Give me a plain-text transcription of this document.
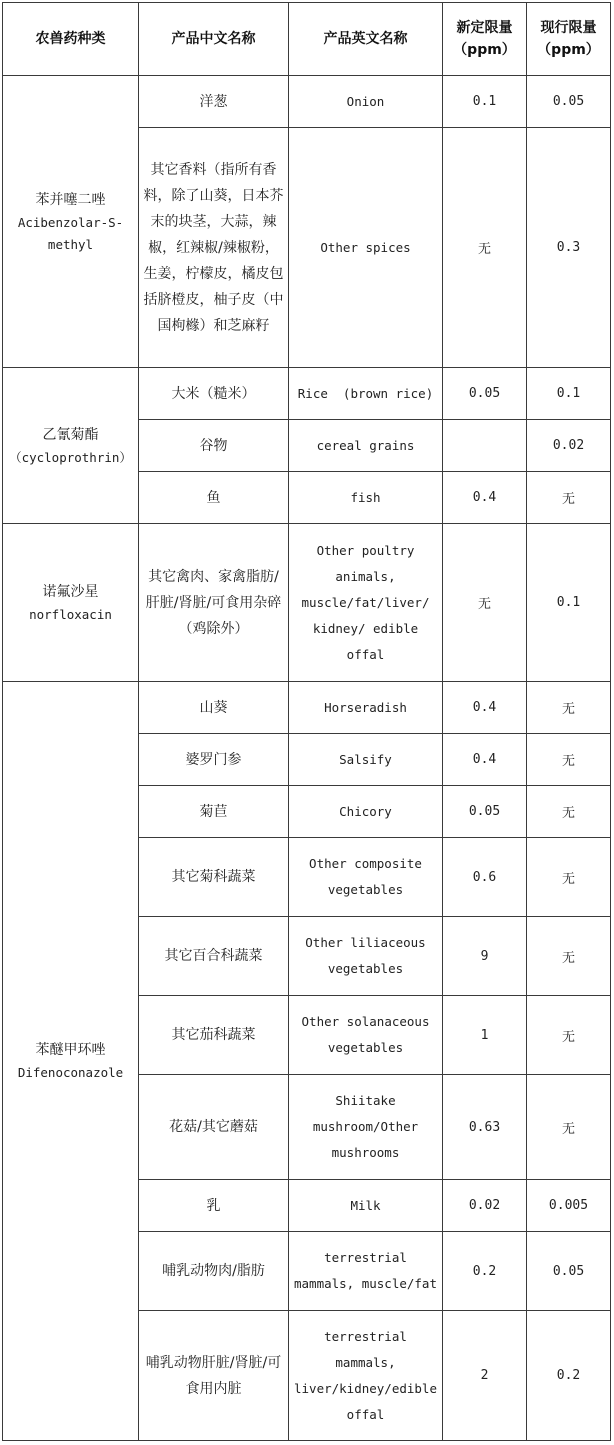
农兽药种类	产品中文名称	产品英文名称	新定限量（ppm）	现行限量（ppm）

苯并噻二唑
Acibenzolar-S-methyl	洋葱	Onion	0.1	0.05
	其它香料（指所有香料，除了山葵，日本芥末的块茎，大蒜，辣椒，红辣椒/辣椒粉，生姜，柠檬皮，橘皮包括脐橙皮，柚子皮（中国枸橼）和芝麻籽	Other spices	无	0.3

乙氰菊酯
（cycloprothrin）	大米（糙米）	Rice  (brown rice)	0.05	0.1
	谷物	cereal grains		0.02
	鱼	fish	0.4	无

诺氟沙星
norfloxacin	其它禽肉、家禽脂肪/肝脏/肾脏/可食用杂碎（鸡除外）	Other poultry animals, muscle/fat/liver/ kidney/ edible offal	无	0.1

苯醚甲环唑
Difenoconazole	山葵	Horseradish	0.4	无
	婆罗门参	Salsify	0.4	无
	菊苣	Chicory	0.05	无
	其它菊科蔬菜	Other composite vegetables	0.6	无
	其它百合科蔬菜	Other liliaceous vegetables	9	无
	其它茄科蔬菜	Other solanaceous vegetables	1	无
	花菇/其它蘑菇	Shiitake mushroom/Other mushrooms	0.63	无
	乳	Milk	0.02	0.005
	哺乳动物肉/脂肪	terrestrial mammals, muscle/fat	0.2	0.05
	哺乳动物肝脏/肾脏/可食用内脏	terrestrial mammals, liver/kidney/edible offal	2	0.2
